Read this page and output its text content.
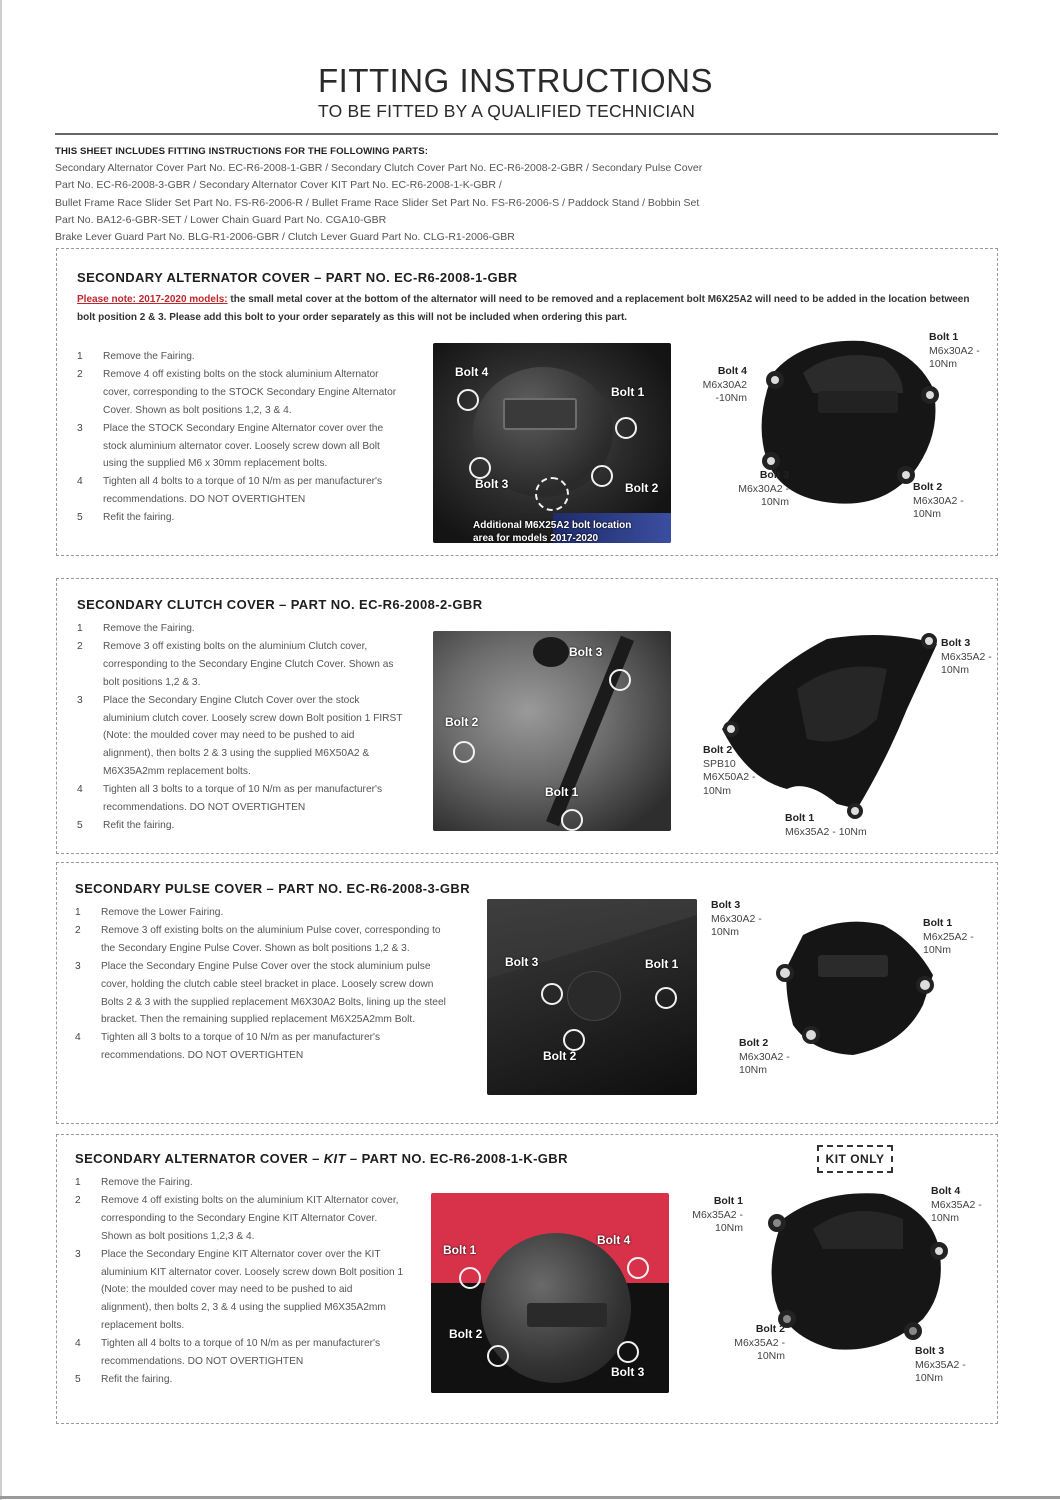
FITTING INSTRUCTIONS
TO BE FITTED BY A QUALIFIED TECHNICIAN
THIS SHEET INCLUDES FITTING INSTRUCTIONS FOR THE FOLLOWING PARTS:
Secondary Alternator Cover Part No. EC-R6-2008-1-GBR / Secondary Clutch Cover Part No. EC-R6-2008-2-GBR / Secondary Pulse Cover
Part No. EC-R6-2008-3-GBR / Secondary Alternator Cover KIT Part No. EC-R6-2008-1-K-GBR /
Bullet Frame Race Slider Set Part No. FS-R6-2006-R / Bullet Frame Race Slider Set Part No. FS-R6-2006-S / Paddock Stand / Bobbin Set
Part No. BA12-6-GBR-SET / Lower Chain Guard Part No. CGA10-GBR
Brake Lever Guard Part No. BLG-R1-2006-GBR / Clutch Lever Guard Part No. CLG-R1-2006-GBR
SECONDARY ALTERNATOR COVER – PART NO. EC-R6-2008-1-GBR
Please note: 2017-2020 models: the small metal cover at the bottom of the alternator will need to be removed and a replacement bolt M6X25A2 will need to be added in the location between bolt position 2 & 3. Please add this bolt to your order separately as this will not be included when ordering this part.
1 Remove the Fairing.
2 Remove 4 off existing bolts on the stock aluminium Alternator cover, corresponding to the STOCK Secondary Engine Alternator Cover. Shown as bolt positions 1,2, 3 & 4.
3 Place the STOCK Secondary Engine Alternator cover over the stock aluminium alternator cover. Loosely screw down all Bolt using the supplied M6 x 30mm replacement bolts.
4 Tighten all 4 bolts to a torque of 10 N/m as per manufacturer's recommendations. DO NOT OVERTIGHTEN
5 Refit the fairing.
Bolt 4
Bolt 1
Bolt 3	Bolt 2
Additional M6X25A2 bolt location area for models 2017-2020
Bolt 1
M6x30A2 - 10Nm
Bolt 4
M6x30A2 -10Nm
Bolt 3
M6x30A2 - 10Nm
Bolt 2
M6x30A2 - 10Nm
SECONDARY CLUTCH COVER – PART NO. EC-R6-2008-2-GBR
1 Remove the Fairing.
2 Remove 3 off existing bolts on the aluminium Clutch cover, corresponding to the Secondary Engine Clutch Cover. Shown as bolt positions 1,2 & 3.
3 Place the Secondary Engine Clutch Cover over the stock aluminium clutch cover. Loosely screw down Bolt position 1 FIRST (Note: the moulded cover may need to be pushed to aid alignment), then bolts 2 & 3 using the supplied M6X50A2 & M6X35A2mm replacement bolts.
4 Tighten all 3 bolts to a torque of 10 N/m as per manufacturer's recommendations. DO NOT OVERTIGHTEN
5 Refit the fairing.
Bolt 3
Bolt 2
Bolt 1
Bolt 3
M6x35A2 - 10Nm
Bolt 2
SPB10 M6X50A2 - 10Nm
Bolt 1
M6x35A2 - 10Nm
SECONDARY PULSE COVER – PART NO. EC-R6-2008-3-GBR
1 Remove the Lower Fairing.
2 Remove 3 off existing bolts on the aluminium Pulse cover, corresponding to the Secondary Engine Pulse Cover. Shown as bolt positions 1,2 & 3.
3 Place the Secondary Engine Pulse Cover over the stock aluminium pulse cover, holding the clutch cable steel bracket in place. Loosely screw down Bolts 2 & 3 with the supplied replacement M6X30A2 Bolts, lining up the steel bracket. Then the remaining supplied replacement M6X25A2mm Bolt.
4 Tighten all 3 bolts to a torque of 10 N/m as per manufacturer's recommendations. DO NOT OVERTIGHTEN
Bolt 3	Bolt 1
Bolt 2
Bolt 3
M6x30A2 - 10Nm
Bolt 1
M6x25A2 - 10Nm
Bolt 2
M6x30A2 - 10Nm
SECONDARY ALTERNATOR COVER – KIT – PART NO. EC-R6-2008-1-K-GBR	KIT ONLY
1 Remove the Fairing.
2 Remove 4 off existing bolts on the aluminium KIT Alternator cover, corresponding to the Secondary Engine KIT Alternator Cover. Shown as bolt positions 1,2,3 & 4.
3 Place the Secondary Engine KIT Alternator cover over the KIT aluminium KIT alternator cover. Loosely screw down Bolt position 1 (Note: the moulded cover may need to be pushed to aid alignment), then bolts 2, 3 & 4 using the supplied M6X35A2mm replacement bolts.
4 Tighten all 4 bolts to a torque of 10 N/m as per manufacturer's recommendations. DO NOT OVERTIGHTEN
5 Refit the fairing.
Bolt 1
Bolt 4
Bolt 2
Bolt 3
Bolt 1
M6x35A2 - 10Nm
Bolt 4
M6x35A2 - 10Nm
Bolt 2
M6x35A2 - 10Nm	Bolt 3
M6x35A2 - 10Nm
